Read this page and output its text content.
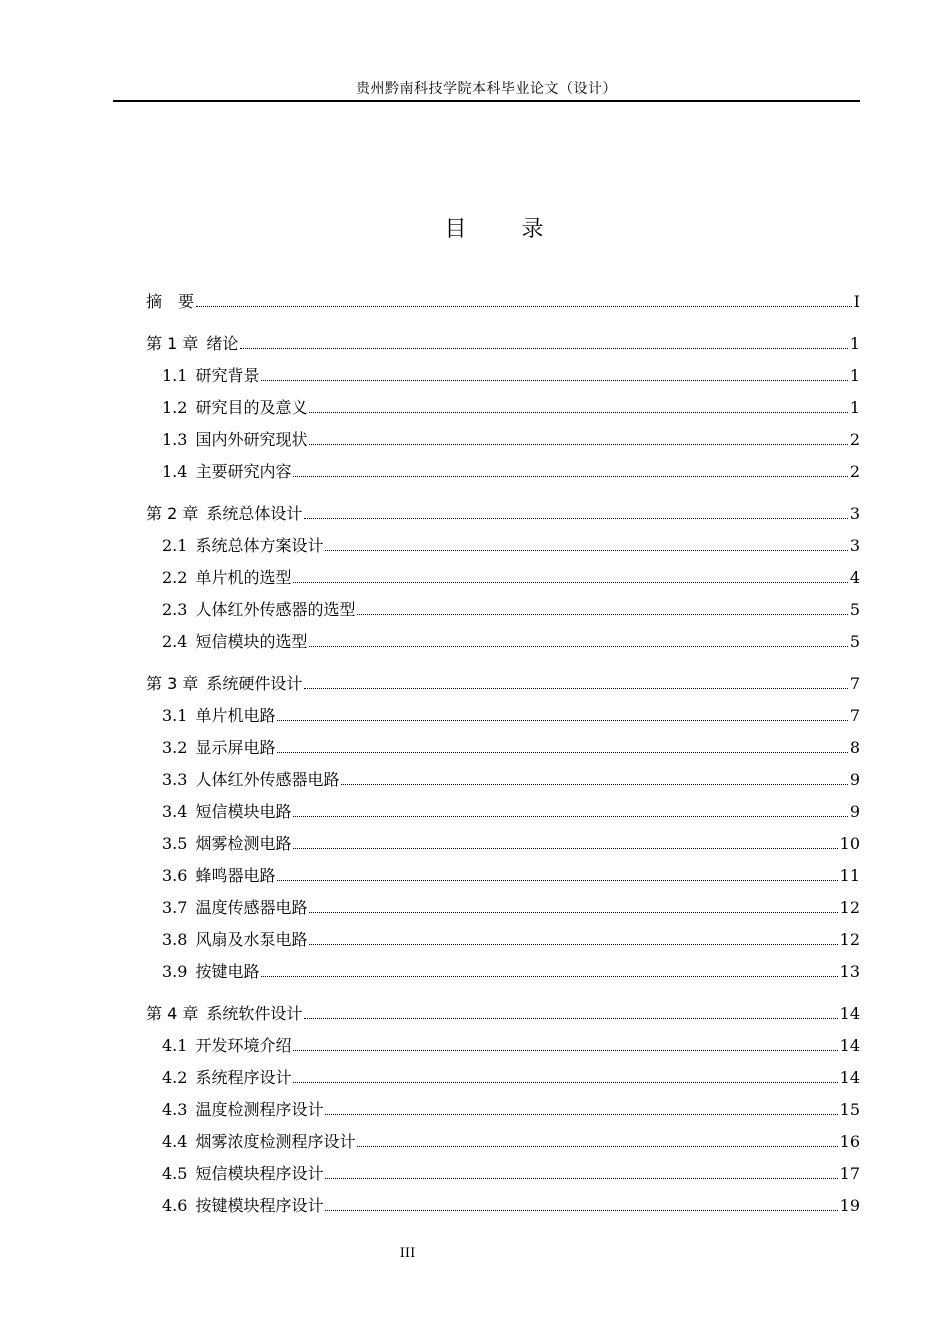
贵州黔南科技学院本科毕业论文（设计）
目 录
摘　要	I
第 1 章 绪论	1
1.1 研究背景	1
1.2 研究目的及意义	1
1.3 国内外研究现状	2
1.4 主要研究内容	2
第 2 章 系统总体设计	3
2.1 系统总体方案设计	3
2.2 单片机的选型	4
2.3 人体红外传感器的选型	5
2.4 短信模块的选型	5
第 3 章 系统硬件设计	7
3.1 单片机电路	7
3.2 显示屏电路	8
3.3 人体红外传感器电路	9
3.4 短信模块电路	9
3.5 烟雾检测电路	10
3.6 蜂鸣器电路	11
3.7 温度传感器电路	12
3.8 风扇及水泵电路	12
3.9 按键电路	13
第 4 章 系统软件设计	14
4.1 开发环境介绍	14
4.2 系统程序设计	14
4.3 温度检测程序设计	15
4.4 烟雾浓度检测程序设计	16
4.5 短信模块程序设计	17
4.6 按键模块程序设计	19
III
